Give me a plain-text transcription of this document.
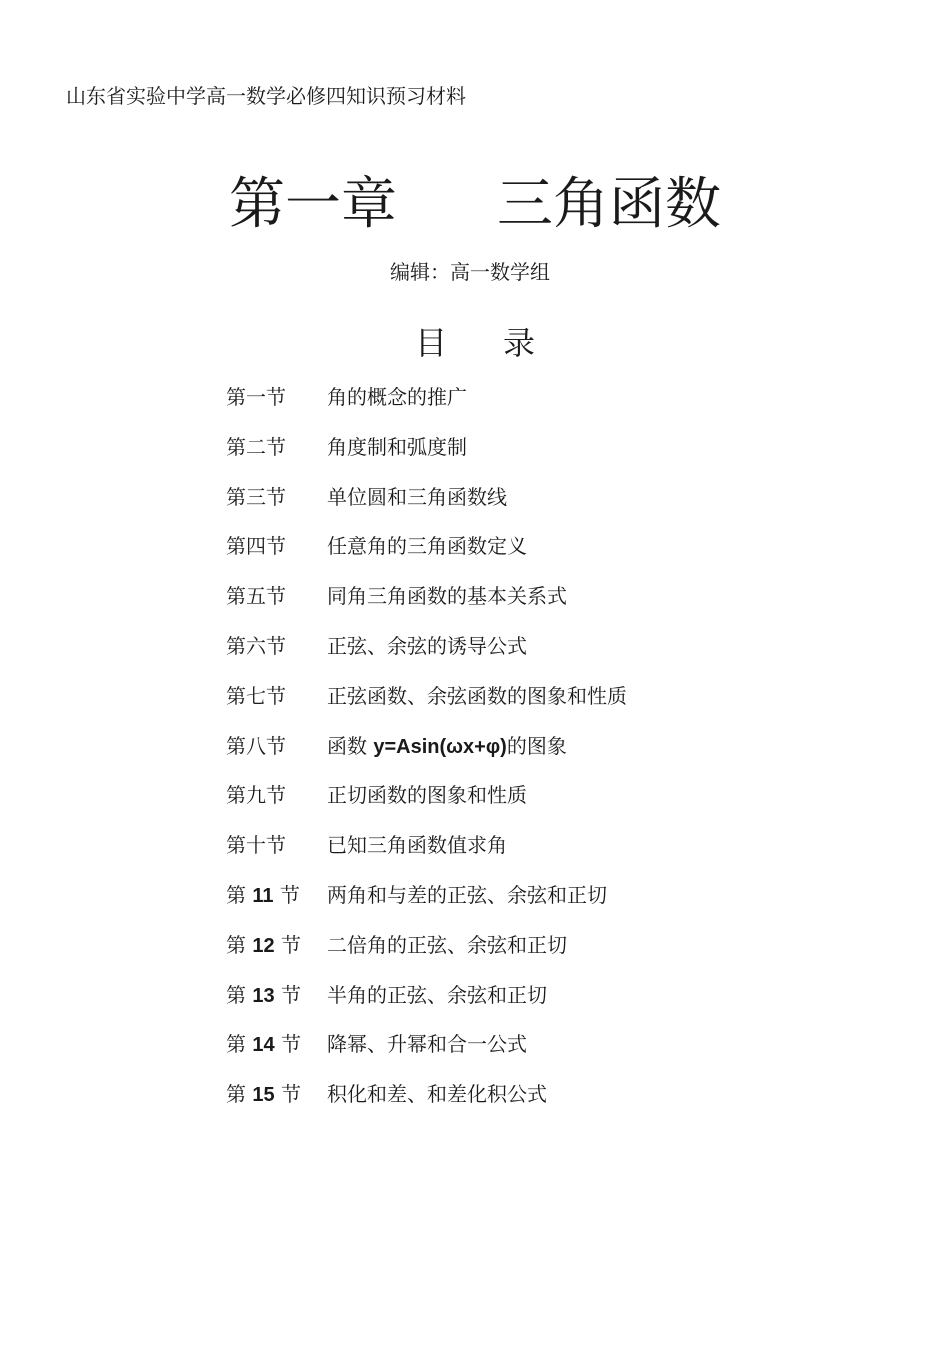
山东省实验中学高一数学必修四知识预习材料
第一章 三角函数
编辑：高一数学组
目 录
第一节	角的概念的推广
第二节	角度制和弧度制
第三节	单位圆和三角函数线
第四节	任意角的三角函数定义
第五节	同角三角函数的基本关系式
第六节	正弦、余弦的诱导公式
第七节	正弦函数、余弦函数的图象和性质
第八节	函数 y=Asin(ωx+φ)的图象
第九节	正切函数的图象和性质
第十节	已知三角函数值求角
第 11 节	两角和与差的正弦、余弦和正切
第 12 节	二倍角的正弦、余弦和正切
第 13 节	半角的正弦、余弦和正切
第 14 节	降幂、升幂和合一公式
第 15 节	积化和差、和差化积公式
